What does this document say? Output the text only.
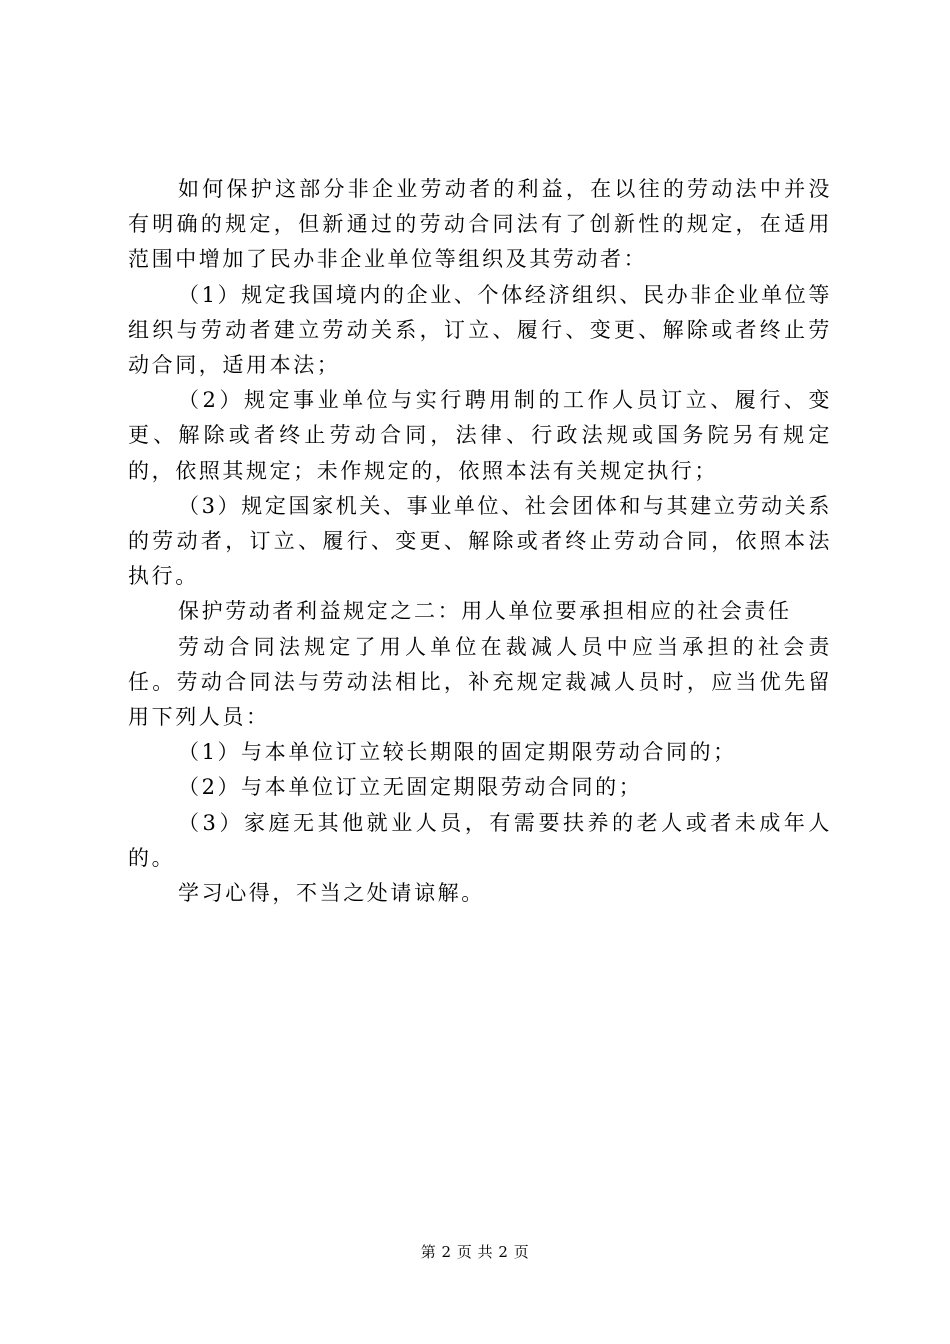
如何保护这部分非企业劳动者的利益，在以往的劳动法中并没有明确的规定，但新通过的劳动合同法有了创新性的规定，在适用范围中增加了民办非企业单位等组织及其劳动者：

（1）规定我国境内的企业、个体经济组织、民办非企业单位等组织与劳动者建立劳动关系，订立、履行、变更、解除或者终止劳动合同，适用本法；

（2）规定事业单位与实行聘用制的工作人员订立、履行、变更、解除或者终止劳动合同，法律、行政法规或国务院另有规定的，依照其规定；未作规定的，依照本法有关规定执行；

（3）规定国家机关、事业单位、社会团体和与其建立劳动关系的劳动者，订立、履行、变更、解除或者终止劳动合同，依照本法执行。

保护劳动者利益规定之二：用人单位要承担相应的社会责任

劳动合同法规定了用人单位在裁减人员中应当承担的社会责任。劳动合同法与劳动法相比，补充规定裁减人员时，应当优先留用下列人员：

（1）与本单位订立较长期限的固定期限劳动合同的；

（2）与本单位订立无固定期限劳动合同的；

（3）家庭无其他就业人员，有需要扶养的老人或者未成年人的。

学习心得，不当之处请谅解。

第 2 页 共 2 页
